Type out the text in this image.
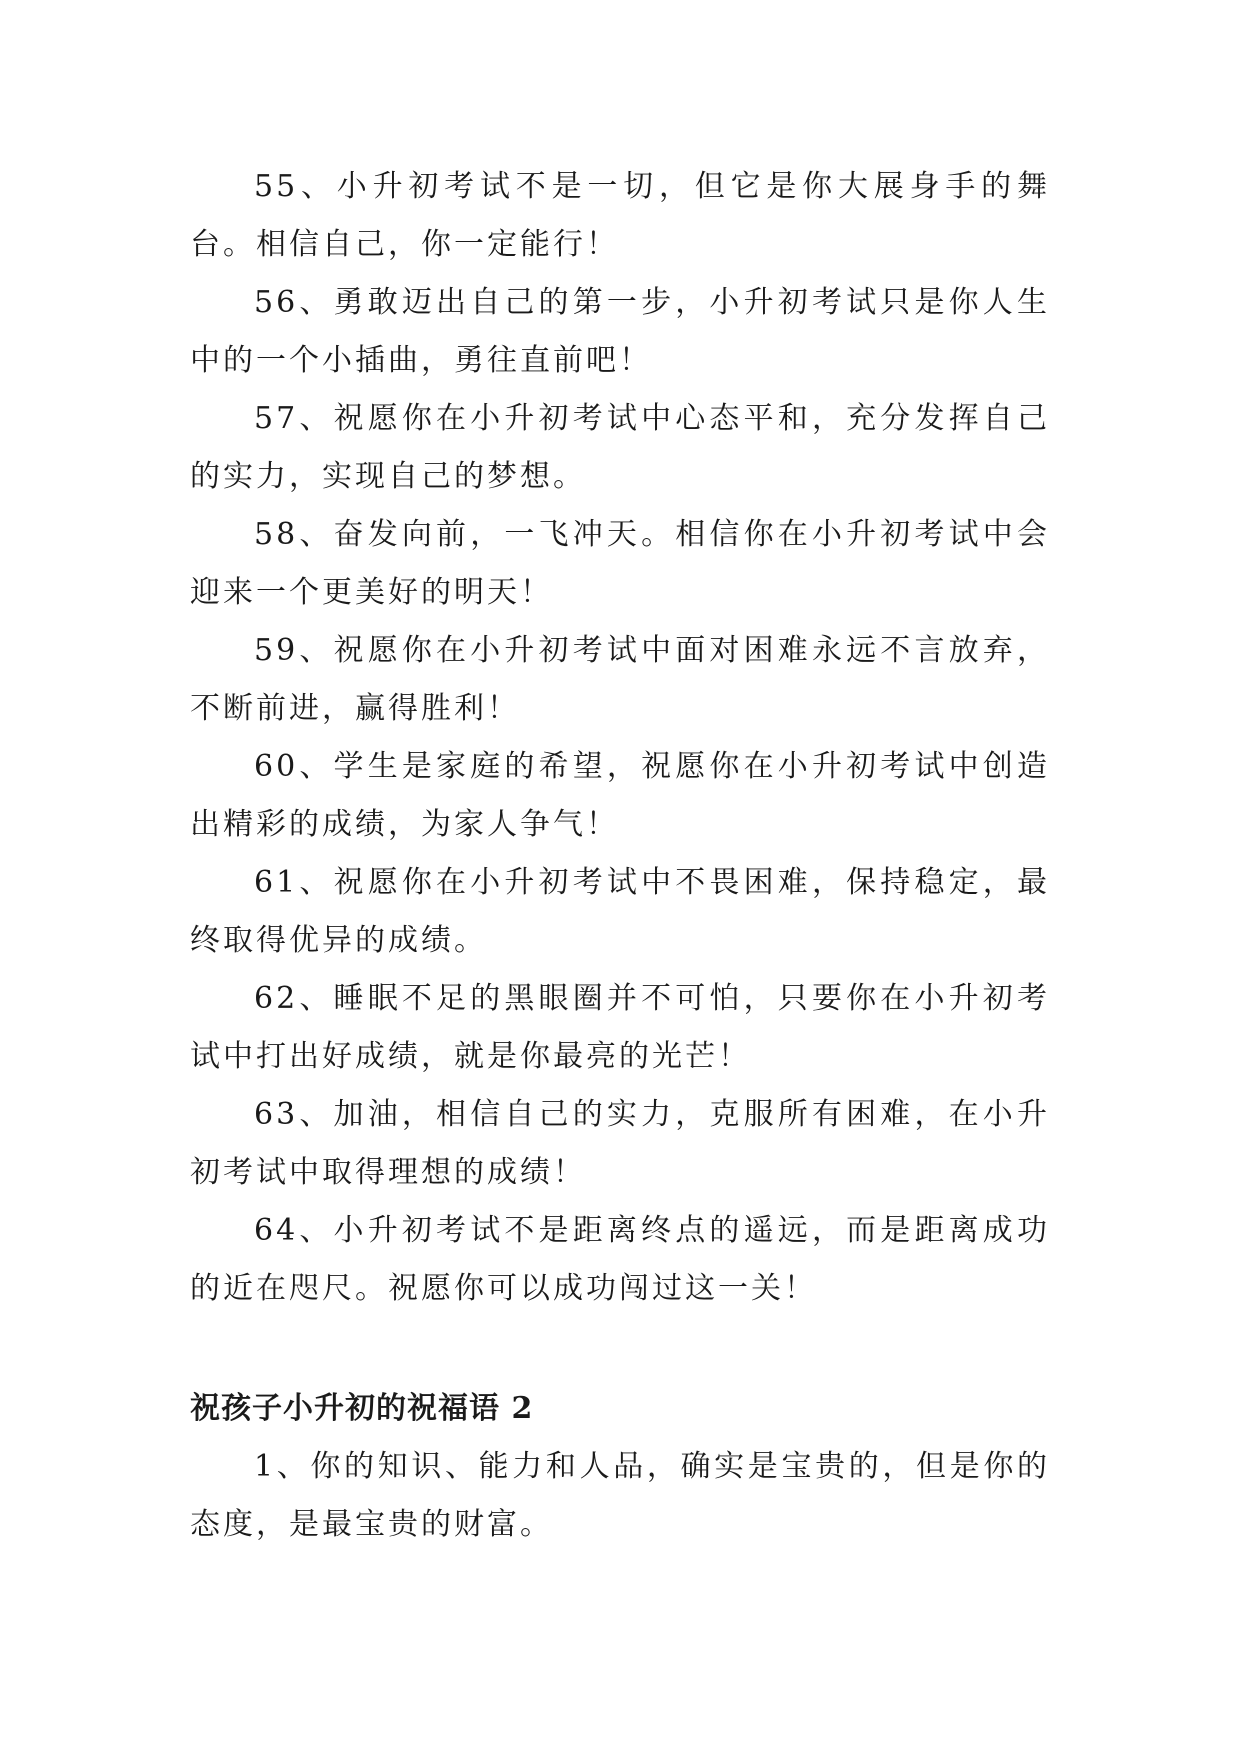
55、小升初考试不是一切，但它是你大展身手的舞台。相信自己，你一定能行！

56、勇敢迈出自己的第一步，小升初考试只是你人生中的一个小插曲，勇往直前吧！

57、祝愿你在小升初考试中心态平和，充分发挥自己的实力，实现自己的梦想。

58、奋发向前，一飞冲天。相信你在小升初考试中会迎来一个更美好的明天！

59、祝愿你在小升初考试中面对困难永远不言放弃，不断前进，赢得胜利！

60、学生是家庭的希望，祝愿你在小升初考试中创造出精彩的成绩，为家人争气！

61、祝愿你在小升初考试中不畏困难，保持稳定，最终取得优异的成绩。

62、睡眠不足的黑眼圈并不可怕，只要你在小升初考试中打出好成绩，就是你最亮的光芒！

63、加油，相信自己的实力，克服所有困难，在小升初考试中取得理想的成绩！

64、小升初考试不是距离终点的遥远，而是距离成功的近在咫尺。祝愿你可以成功闯过这一关！

祝孩子小升初的祝福语 2

1、你的知识、能力和人品，确实是宝贵的，但是你的态度，是最宝贵的财富。
